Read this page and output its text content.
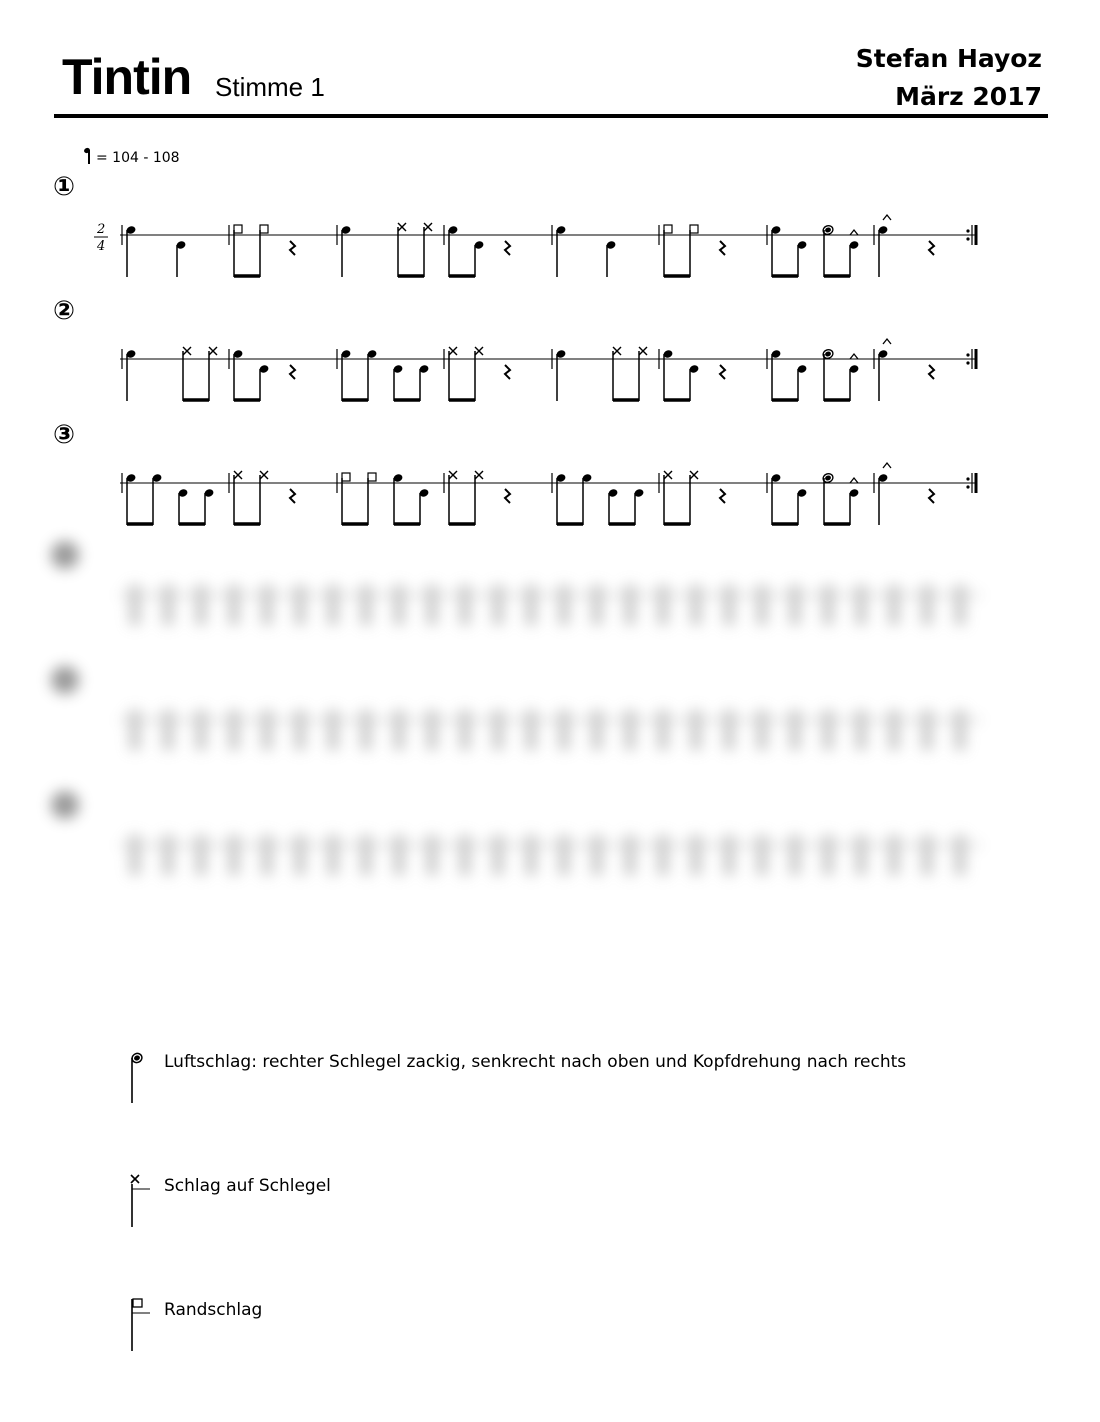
Tintin Stimme 1
Stefan Hayoz
März 2017
= 104 - 108
①
②
③
2
4
Luftschlag: rechter Schlegel zackig, senkrecht nach oben und Kopfdrehung nach rechts
Schlag auf Schlegel
Randschlag
